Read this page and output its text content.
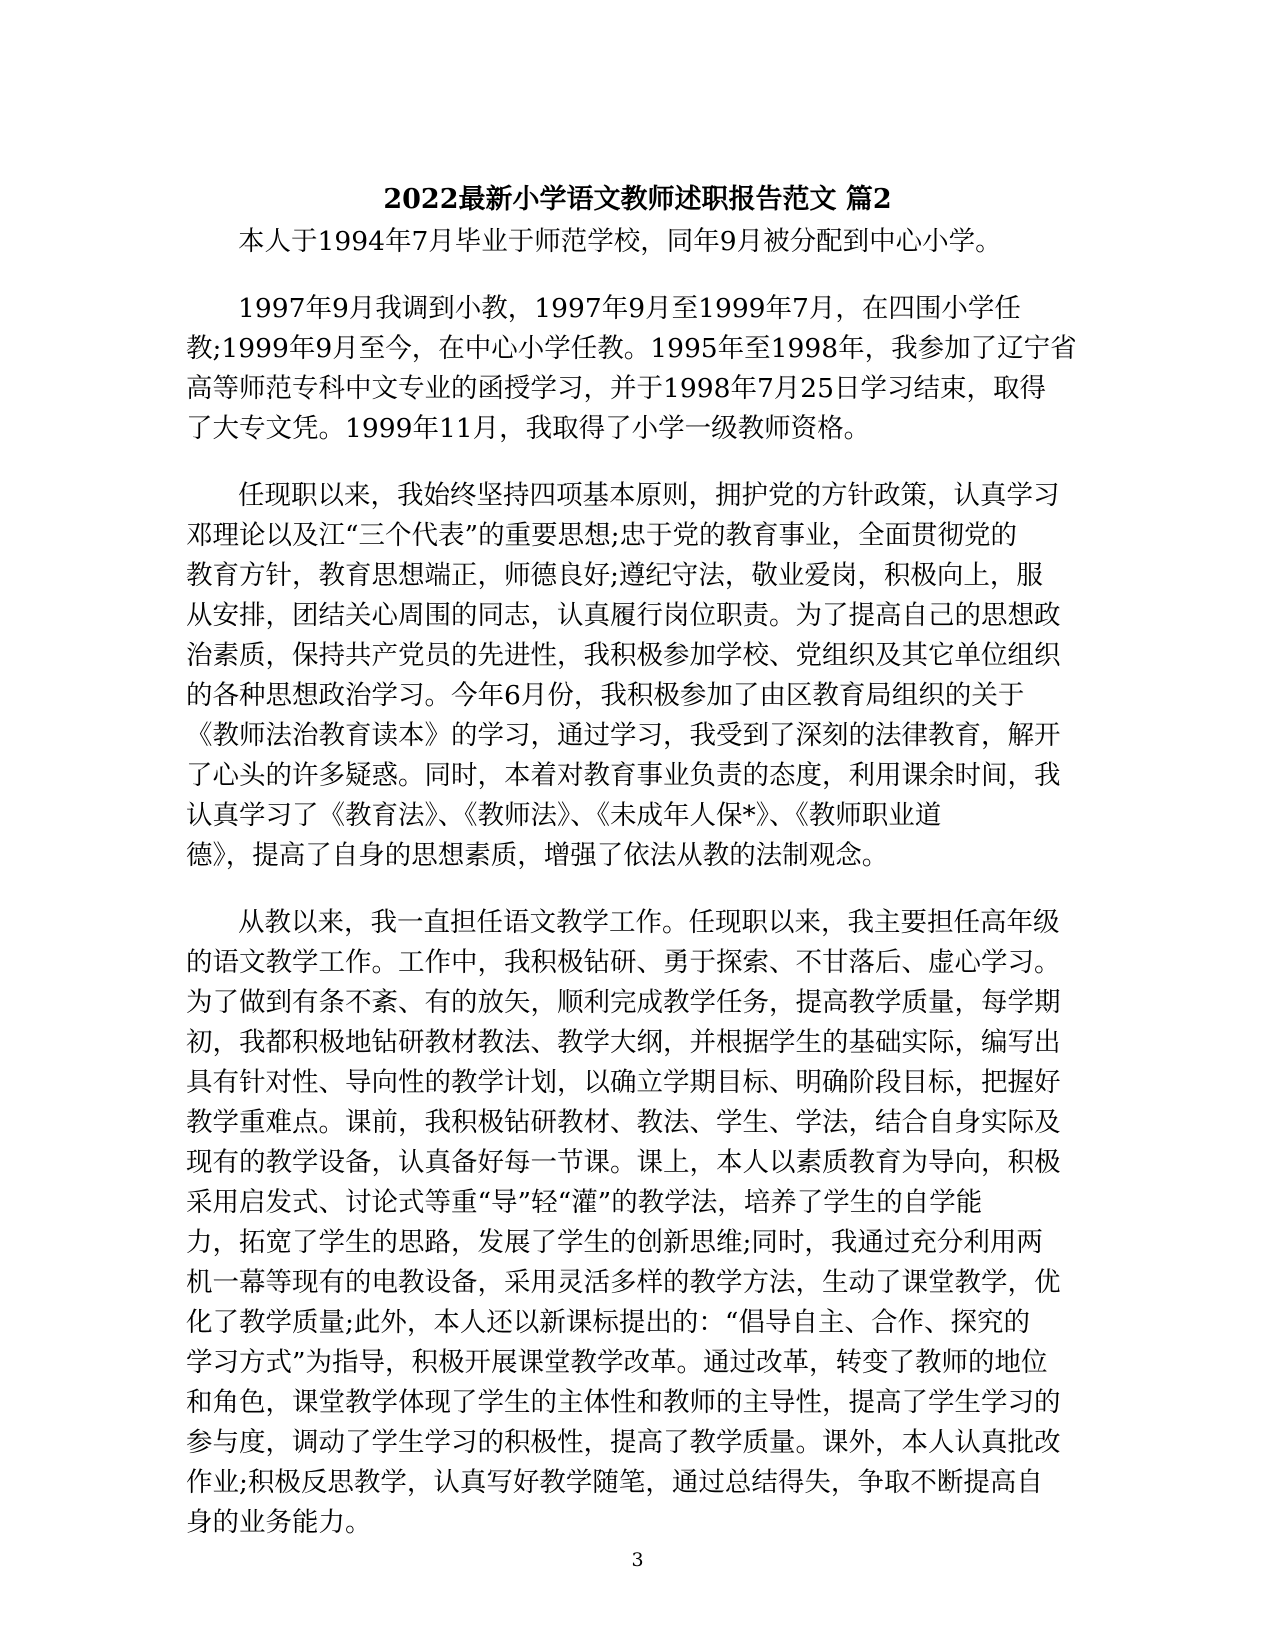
2022最新小学语文教师述职报告范文 篇2

本人于1994年7月毕业于师范学校，同年9月被分配到中心小学。

1997年9月我调到小教，1997年9月至1999年7月，在四围小学任
教;1999年9月至今，在中心小学任教。1995年至1998年，我参加了辽宁省
高等师范专科中文专业的函授学习，并于1998年7月25日学习结束，取得
了大专文凭。1999年11月，我取得了小学一级教师资格。

任现职以来，我始终坚持四项基本原则，拥护党的方针政策，认真学习
邓理论以及江“三个代表”的重要思想;忠于党的教育事业，全面贯彻党的
教育方针，教育思想端正，师德良好;遵纪守法，敬业爱岗，积极向上，服
从安排，团结关心周围的同志，认真履行岗位职责。为了提高自己的思想政
治素质，保持共产党员的先进性，我积极参加学校、党组织及其它单位组织
的各种思想政治学习。今年6月份，我积极参加了由区教育局组织的关于
《教师法治教育读本》的学习，通过学习，我受到了深刻的法律教育，解开
了心头的许多疑惑。同时，本着对教育事业负责的态度，利用课余时间，我
认真学习了《教育法》、《教师法》、《未成年人保*》、《教师职业道
德》，提高了自身的思想素质，增强了依法从教的法制观念。

从教以来，我一直担任语文教学工作。任现职以来，我主要担任高年级
的语文教学工作。工作中，我积极钻研、勇于探索、不甘落后、虚心学习。
为了做到有条不紊、有的放矢，顺利完成教学任务，提高教学质量，每学期
初，我都积极地钻研教材教法、教学大纲，并根据学生的基础实际，编写出
具有针对性、导向性的教学计划，以确立学期目标、明确阶段目标，把握好
教学重难点。课前，我积极钻研教材、教法、学生、学法，结合自身实际及
现有的教学设备，认真备好每一节课。课上，本人以素质教育为导向，积极
采用启发式、讨论式等重“导”轻“灌”的教学法，培养了学生的自学能
力，拓宽了学生的思路，发展了学生的创新思维;同时，我通过充分利用两
机一幕等现有的电教设备，采用灵活多样的教学方法，生动了课堂教学，优
化了教学质量;此外，本人还以新课标提出的：“倡导自主、合作、探究的
学习方式”为指导，积极开展课堂教学改革。通过改革，转变了教师的地位
和角色，课堂教学体现了学生的主体性和教师的主导性，提高了学生学习的
参与度，调动了学生学习的积极性，提高了教学质量。课外，本人认真批改
作业;积极反思教学，认真写好教学随笔，通过总结得失，争取不断提高自
身的业务能力。

3
